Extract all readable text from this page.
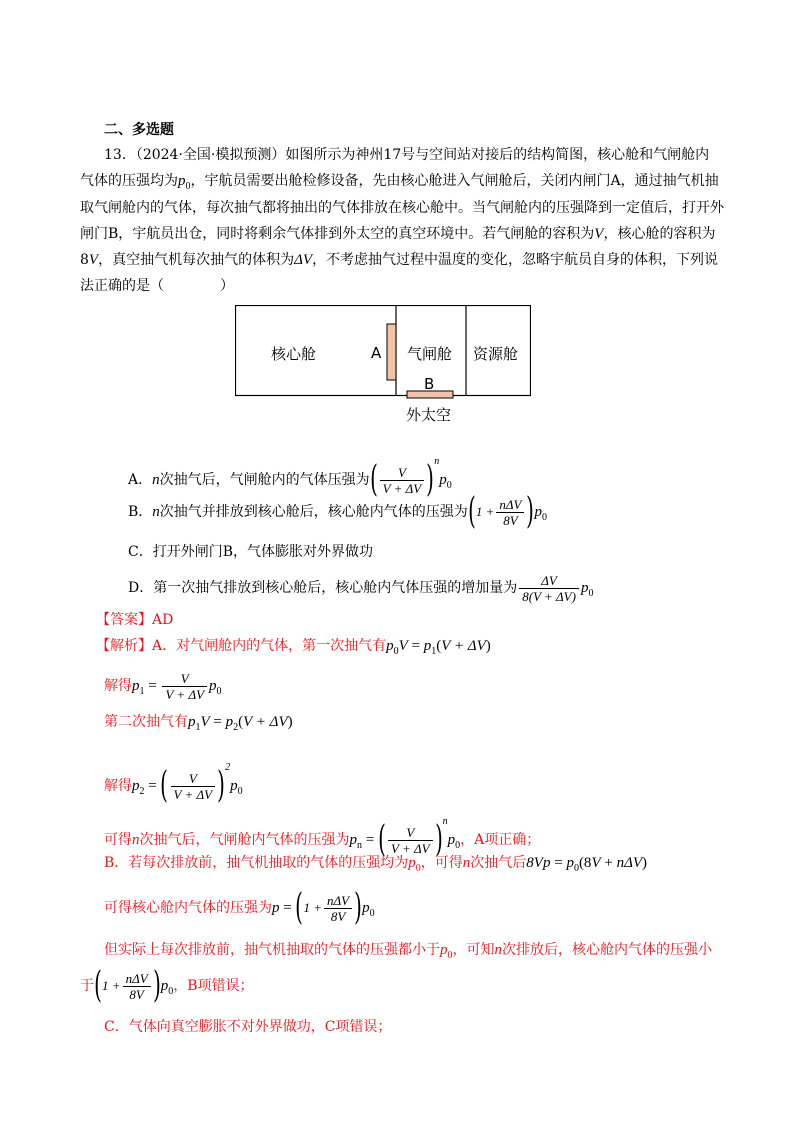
二、多选题
13．（2024·全国·模拟预测）如图所示为神州17号与空间站对接后的结构简图，核心舱和气闸舱内
气体的压强均为$p_0$，宇航员需要出舱检修设备，先由核心舱进入气闸舱后，关闭内闸门A，通过抽气机抽
取气闸舱内的气体，每次抽气都将抽出的气体排放在核心舱中。当气闸舱内的压强降到一定值后，打开外
闸门B，宇航员出仓，同时将剩余气体排到外太空的真空环境中。若气闸舱的容积为V，核心舱的容积为
8V，真空抽气机每次抽气的体积为ΔV，不考虑抽气过程中温度的变化，忽略宇航员自身的体积，下列说
法正确的是（　　　　）
核心舱	A 气闸舱 资源舱
B
外太空
A．n次抽气后，气闸舱内的气体压强为( $\frac{V}{V + \Delta V} )^np_0$
B．n次抽气并排放到核心舱后，核心舱内气体的压强为$(1 + \frac{\text{nΔV}}{8V} )p_0$
C．打开外闸门B，气体膨胀对外界做功
D．第一次抽气排放到核心舱后，核心舱内气体压强的增加量为 $\frac{\Delta V}{8(V + \Delta V)} p_0$
【答案】AD
【解析】A．对气闸舱内的气体，第一次抽气有$p_0V = p_1(V + \Delta V)$
解得$p_1 = \frac{V}{V + \Delta V} p_0$
第二次抽气有$p_1V = p_2(V + \Delta V)$
解得$p_2$ = ( $\frac{V}{V + \Delta V} )^2p_0$
可得n次抽气后，气闸舱内气体的压强为$p_n$ = ( $\frac{V}{V + \Delta V} )^np_0$，A项正确；
B．若每次排放前，抽气机抽取的气体的压强均为$p_0$，可得n次抽气后$8Vp = p_0(8V + n\Delta V)$
可得核心舱内气体的压强为$p = (1 + \frac{\text{nΔV}}{8V} )p_0$
但实际上每次排放前，抽气机抽取的气体的压强都小于$p_0$，可知n次排放后，核心舱内气体的压强小
于$(1 + \frac{\text{nΔV}}{8V} )p_0$，B项错误；
C．气体向真空膨胀不对外界做功，C项错误；
